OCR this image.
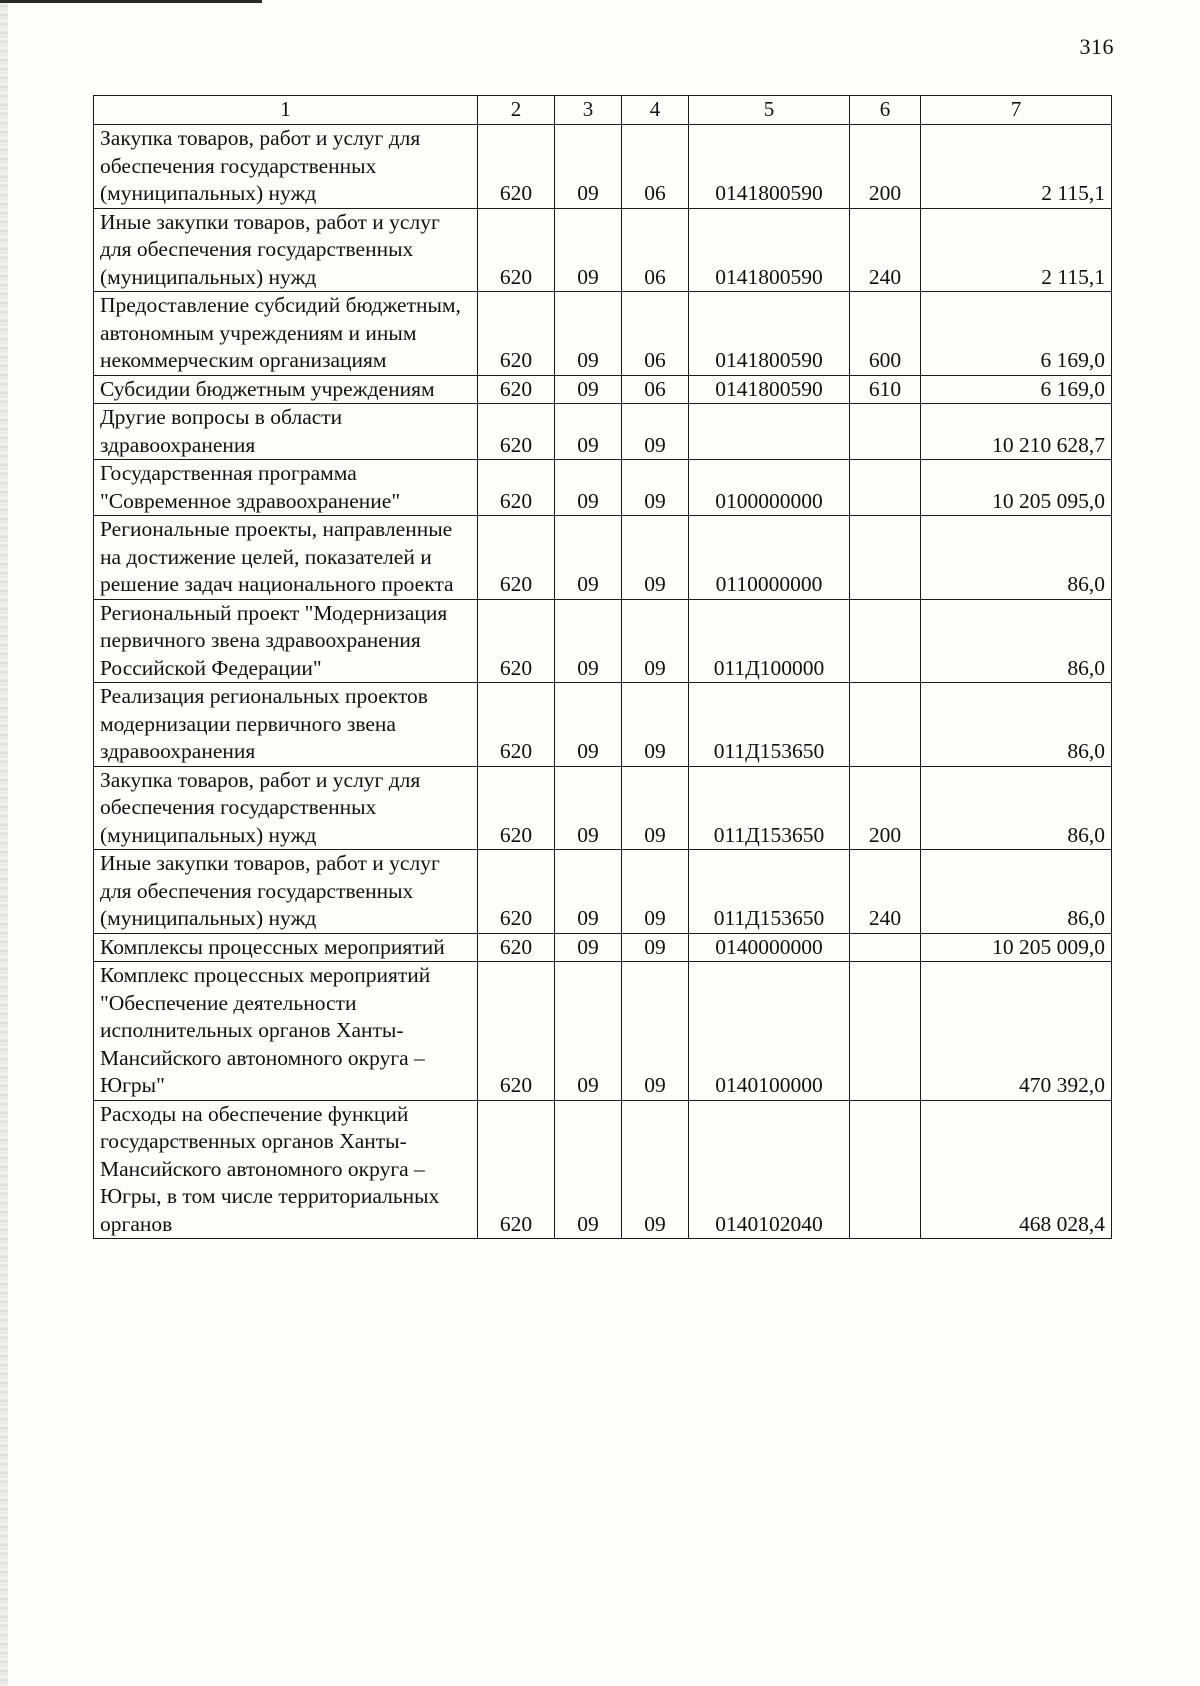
316
1	2	3	4	5	6	7
Закупка товаров, работ и услуг для обеспечения государственных (муниципальных) нужд	620	09	06	0141800590	200	2 115,1
Иные закупки товаров, работ и услуг для обеспечения государственных (муниципальных) нужд	620	09	06	0141800590	240	2 115,1
Предоставление субсидий бюджетным, автономным учреждениям и иным некоммерческим организациям	620	09	06	0141800590	600	6 169,0
Субсидии бюджетным учреждениям	620	09	06	0141800590	610	6 169,0
Другие вопросы в области здравоохранения	620	09	09			10 210 628,7
Государственная программа "Современное здравоохранение"	620	09	09	0100000000		10 205 095,0
Региональные проекты, направленные на достижение целей, показателей и решение задач национального проекта	620	09	09	0110000000		86,0
Региональный проект "Модернизация первичного звена здравоохранения Российской Федерации"	620	09	09	011Д100000		86,0
Реализация региональных проектов модернизации первичного звена здравоохранения	620	09	09	011Д153650		86,0
Закупка товаров, работ и услуг для обеспечения государственных (муниципальных) нужд	620	09	09	011Д153650	200	86,0
Иные закупки товаров, работ и услуг для обеспечения государственных (муниципальных) нужд	620	09	09	011Д153650	240	86,0
Комплексы процессных мероприятий	620	09	09	0140000000		10 205 009,0
Комплекс процессных мероприятий "Обеспечение деятельности исполнительных органов Ханты-Мансийского автономного округа – Югры"	620	09	09	0140100000		470 392,0
Расходы на обеспечение функций государственных органов Ханты-Мансийского автономного округа – Югры, в том числе территориальных органов	620	09	09	0140102040		468 028,4
